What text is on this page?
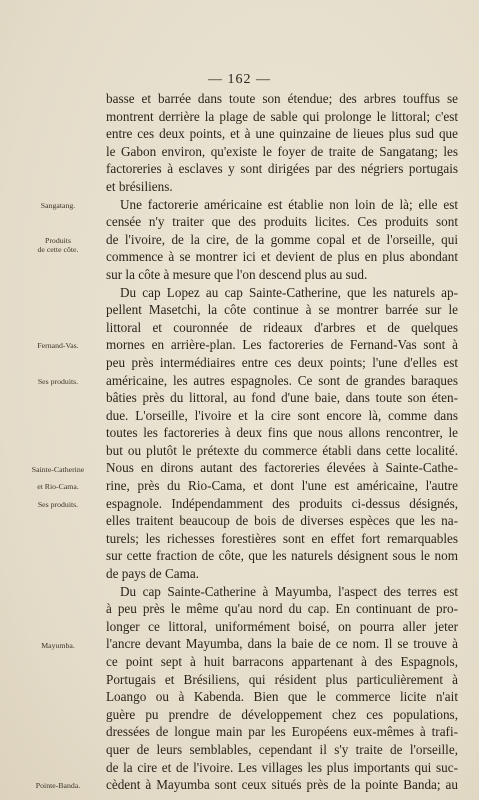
— 162 —
basse et barrée dans toute son étendue; des arbres touffus se
montrent derrière la plage de sable qui prolonge le littoral; c'est
entre ces deux points, et à une quinzaine de lieues plus sud que
le Gabon environ, qu'existe le foyer de traite de Sangatang; les
factoreries à esclaves y sont dirigées par des négriers portugais
et brésiliens.
Une factorerie américaine est établie non loin de là; elle est
censée n'y traiter que des produits licites. Ces produits sont
de l'ivoire, de la cire, de la gomme copal et de l'orseille, qui
commence à se montrer ici et devient de plus en plus abondant
sur la côte à mesure que l'on descend plus au sud.
Du cap Lopez au cap Sainte-Catherine, que les naturels ap-
pellent Masetchi, la côte continue à se montrer barrée sur le
littoral et couronnée de rideaux d'arbres et de quelques
mornes en arrière-plan. Les factoreries de Fernand-Vas sont à
peu près intermédiaires entre ces deux points; l'une d'elles est
américaine, les autres espagnoles. Ce sont de grandes baraques
bâties près du littoral, au fond d'une baie, dans toute son éten-
due. L'orseille, l'ivoire et la cire sont encore là, comme dans
toutes les factoreries à deux fins que nous allons rencontrer, le
but ou plutôt le prétexte du commerce établi dans cette localité.
Nous en dirons autant des factoreries élevées à Sainte-Cathe-
rine, près du Rio-Cama, et dont l'une est américaine, l'autre
espagnole. Indépendamment des produits ci-dessus désignés,
elles traitent beaucoup de bois de diverses espèces que les na-
turels; les richesses forestières sont en effet fort remarquables
sur cette fraction de côte, que les naturels désignent sous le nom
de pays de Cama.
Du cap Sainte-Catherine à Mayumba, l'aspect des terres est
à peu près le même qu'au nord du cap. En continuant de pro-
longer ce littoral, uniformément boisé, on pourra aller jeter
l'ancre devant Mayumba, dans la baie de ce nom. Il se trouve à
ce point sept à huit barracons appartenant à des Espagnols,
Portugais et Brésiliens, qui résident plus particulièrement à
Loango ou à Kabenda. Bien que le commerce licite n'ait
guère pu prendre de développement chez ces populations,
dressées de longue main par les Européens eux-mêmes à trafi-
quer de leurs semblables, cependant il s'y traite de l'orseille,
de la cire et de l'ivoire. Les villages les plus importants qui suc-
cèdent à Mayumba sont ceux situés près de la pointe Banda; au
Sangatang.
Produits
de cette côte.
Fernand-Vas.
Ses produits.
Sainte-Catherine
et Rio-Cama.
Ses produits.
Mayumba.
Pointe-Banda.
